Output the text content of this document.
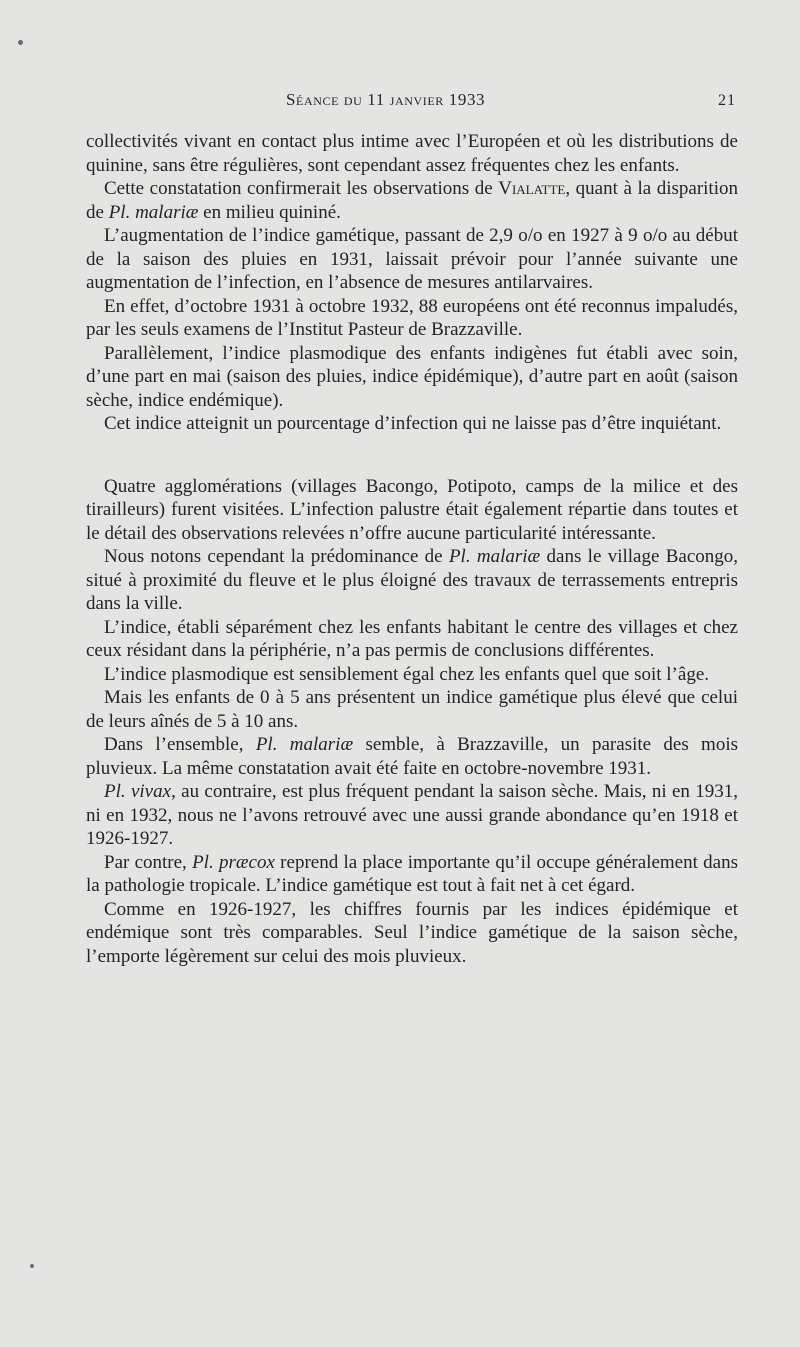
Séance du 11 janvier 1933	21

collectivités vivant en contact plus intime avec l’Européen et où les distributions de quinine, sans être régulières, sont cependant assez fréquentes chez les enfants.

Cette constatation confirmerait les observations de Vialatte, quant à la disparition de Pl. malariæ en milieu quininé.

L’augmentation de l’indice gamétique, passant de 2,9 o/o en 1927 à 9 o/o au début de la saison des pluies en 1931, laissait prévoir pour l’année suivante une augmentation de l’infection, en l’absence de mesures antilarvaires.

En effet, d’octobre 1931 à octobre 1932, 88 européens ont été reconnus impaludés, par les seuls examens de l’Institut Pasteur de Brazzaville.

Parallèlement, l’indice plasmodique des enfants indigènes fut établi avec soin, d’une part en mai (saison des pluies, indice épidémique), d’autre part en août (saison sèche, indice endémique).

Cet indice atteignit un pourcentage d’infection qui ne laisse pas d’être inquiétant.

Quatre agglomérations (villages Bacongo, Potipoto, camps de la milice et des tirailleurs) furent visitées. L’infection palustre était également répartie dans toutes et le détail des observations relevées n’offre aucune particularité intéressante.

Nous notons cependant la prédominance de Pl. malariæ dans le village Bacongo, situé à proximité du fleuve et le plus éloigné des travaux de terrassements entrepris dans la ville.

L’indice, établi séparément chez les enfants habitant le centre des villages et chez ceux résidant dans la périphérie, n’a pas permis de conclusions différentes.

L’indice plasmodique est sensiblement égal chez les enfants quel que soit l’âge.

Mais les enfants de 0 à 5 ans présentent un indice gamétique plus élevé que celui de leurs aînés de 5 à 10 ans.

Dans l’ensemble, Pl. malariæ semble, à Brazzaville, un parasite des mois pluvieux. La même constatation avait été faite en octobre-novembre 1931.

Pl. vivax, au contraire, est plus fréquent pendant la saison sèche. Mais, ni en 1931, ni en 1932, nous ne l’avons retrouvé avec une aussi grande abondance qu’en 1918 et 1926-1927.

Par contre, Pl. præcox reprend la place importante qu’il occupe généralement dans la pathologie tropicale. L’indice gamétique est tout à fait net à cet égard.

Comme en 1926-1927, les chiffres fournis par les indices épidémique et endémique sont très comparables. Seul l’indice gamétique de la saison sèche, l’emporte légèrement sur celui des mois pluvieux.
